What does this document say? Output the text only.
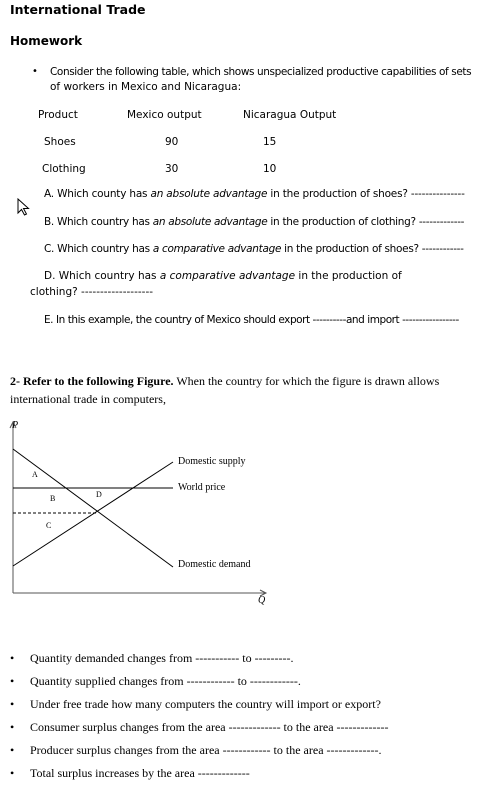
International Trade
Homework
• Consider the following table, which shows unspecialized productive capabilities of sets
of workers in Mexico and Nicaragua:
Product	Mexico output	Nicaragua Output
Shoes	90	15
Clothing	30	10
A. Which county has an absolute advantage in the production of shoes? ---------------
B. Which country has an absolute advantage in the production of clothing? -------------
C. Which country has a comparative advantage in the production of shoes? ------------
D. Which country has a comparative advantage in the production of
clothing? -------------------
E. In this example, the country of Mexico should export ----------and import -----------------
2- Refer to the following Figure. When the country for which the figure is drawn allows
international trade in computers,
P
Q
Domestic supply
World price
Domestic demand
A
B
C
D
• Quantity demanded changes from ----------- to ---------.
• Quantity supplied changes from ------------ to ------------.
• Under free trade how many computers the country will import or export?
• Consumer surplus changes from the area ------------- to the area -------------
• Producer surplus changes from the area ------------ to the area -------------.
• Total surplus increases by the area -------------
